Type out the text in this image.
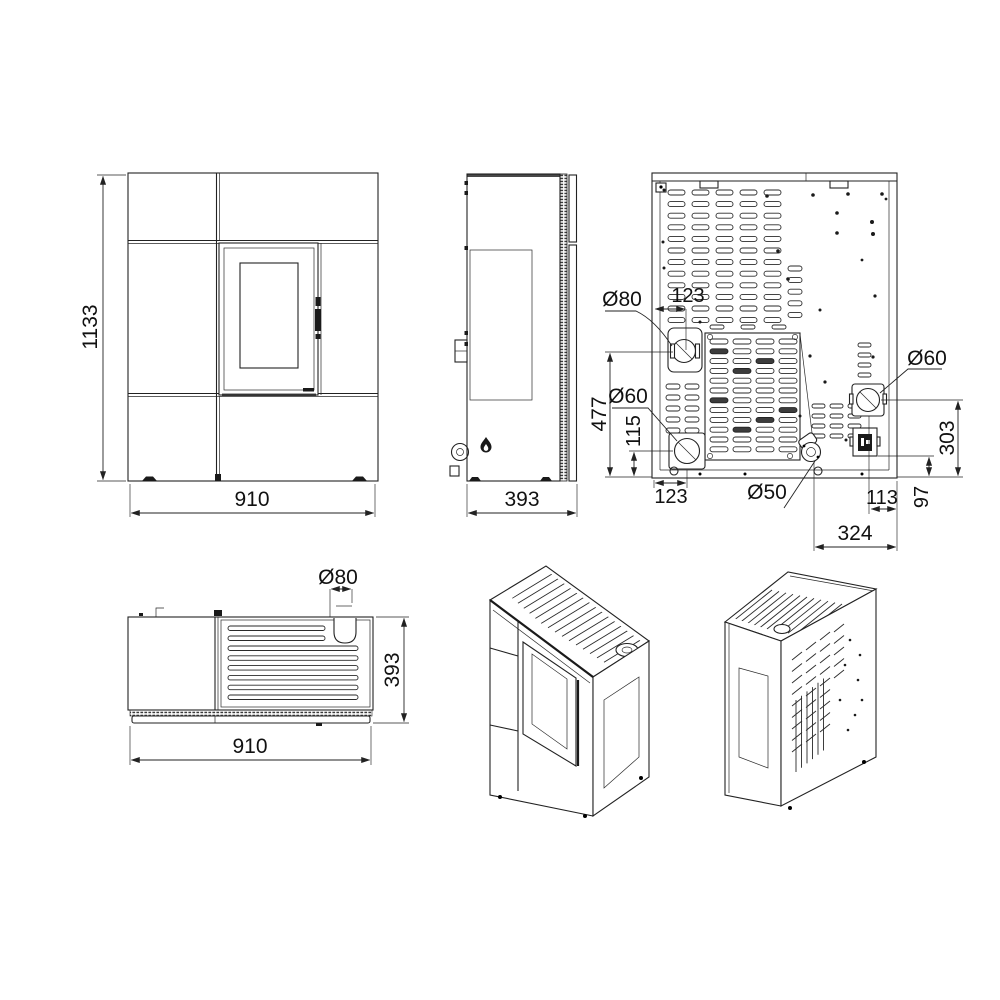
1133
910	393
Ø80 123
477
Ø60
115
123	Ø50
324
Ø60
303
97
113
Ø80
393
910
